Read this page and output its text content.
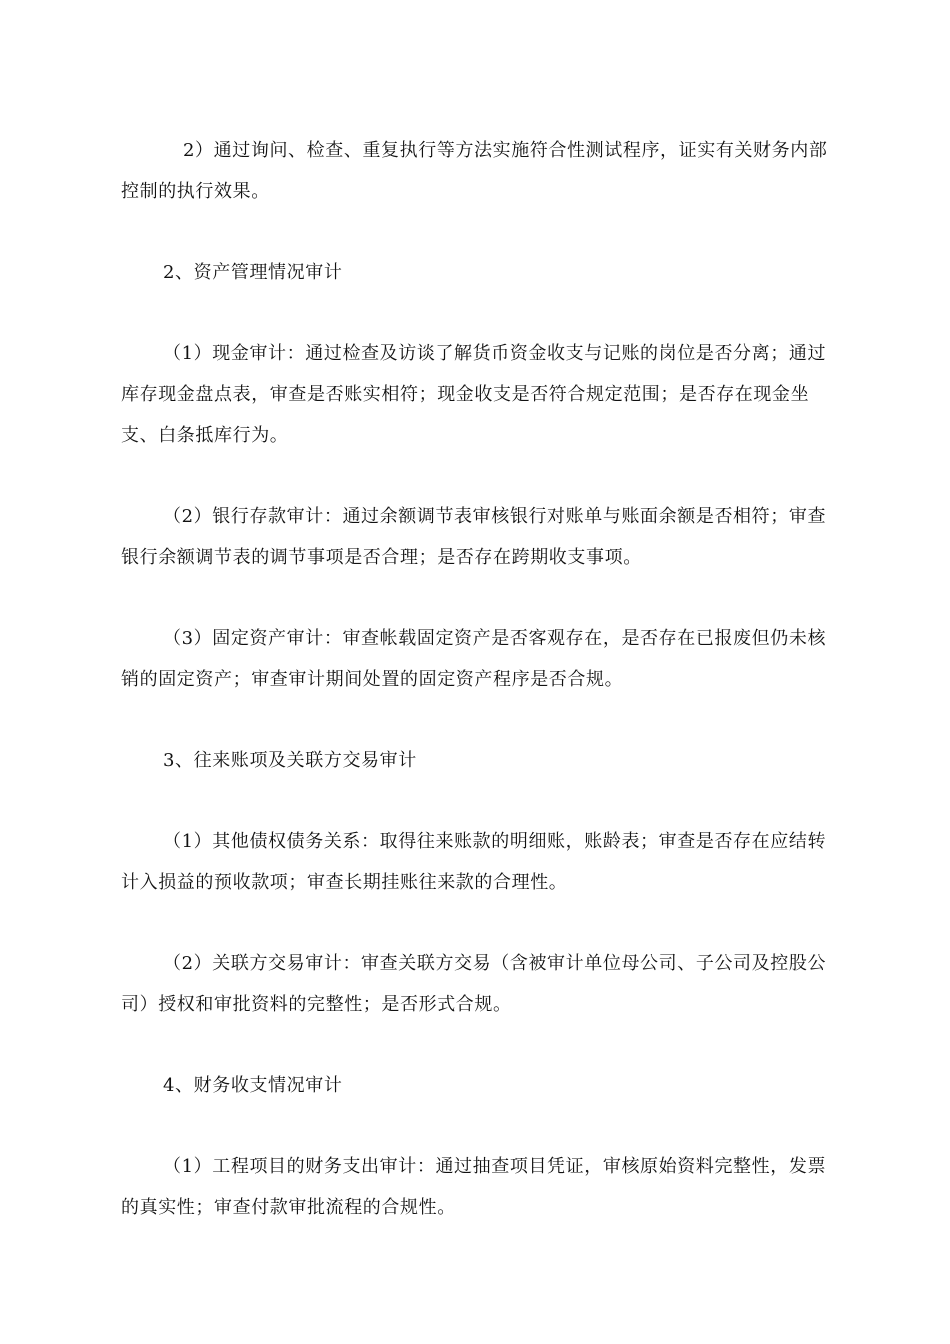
2）通过询问、检查、重复执行等方法实施符合性测试程序，证实有关财务内部控制的执行效果。

2、资产管理情况审计

（1）现金审计：通过检查及访谈了解货币资金收支与记账的岗位是否分离；通过库存现金盘点表，审查是否账实相符；现金收支是否符合规定范围；是否存在现金坐支、白条抵库行为。

（2）银行存款审计：通过余额调节表审核银行对账单与账面余额是否相符；审查银行余额调节表的调节事项是否合理；是否存在跨期收支事项。

（3）固定资产审计：审查帐载固定资产是否客观存在，是否存在已报废但仍未核销的固定资产；审查审计期间处置的固定资产程序是否合规。

3、往来账项及关联方交易审计

（1）其他债权债务关系：取得往来账款的明细账，账龄表；审查是否存在应结转计入损益的预收款项；审查长期挂账往来款的合理性。

（2）关联方交易审计：审查关联方交易（含被审计单位母公司、子公司及控股公司）授权和审批资料的完整性；是否形式合规。

4、财务收支情况审计

（1）工程项目的财务支出审计：通过抽查项目凭证，审核原始资料完整性，发票的真实性；审查付款审批流程的合规性。
